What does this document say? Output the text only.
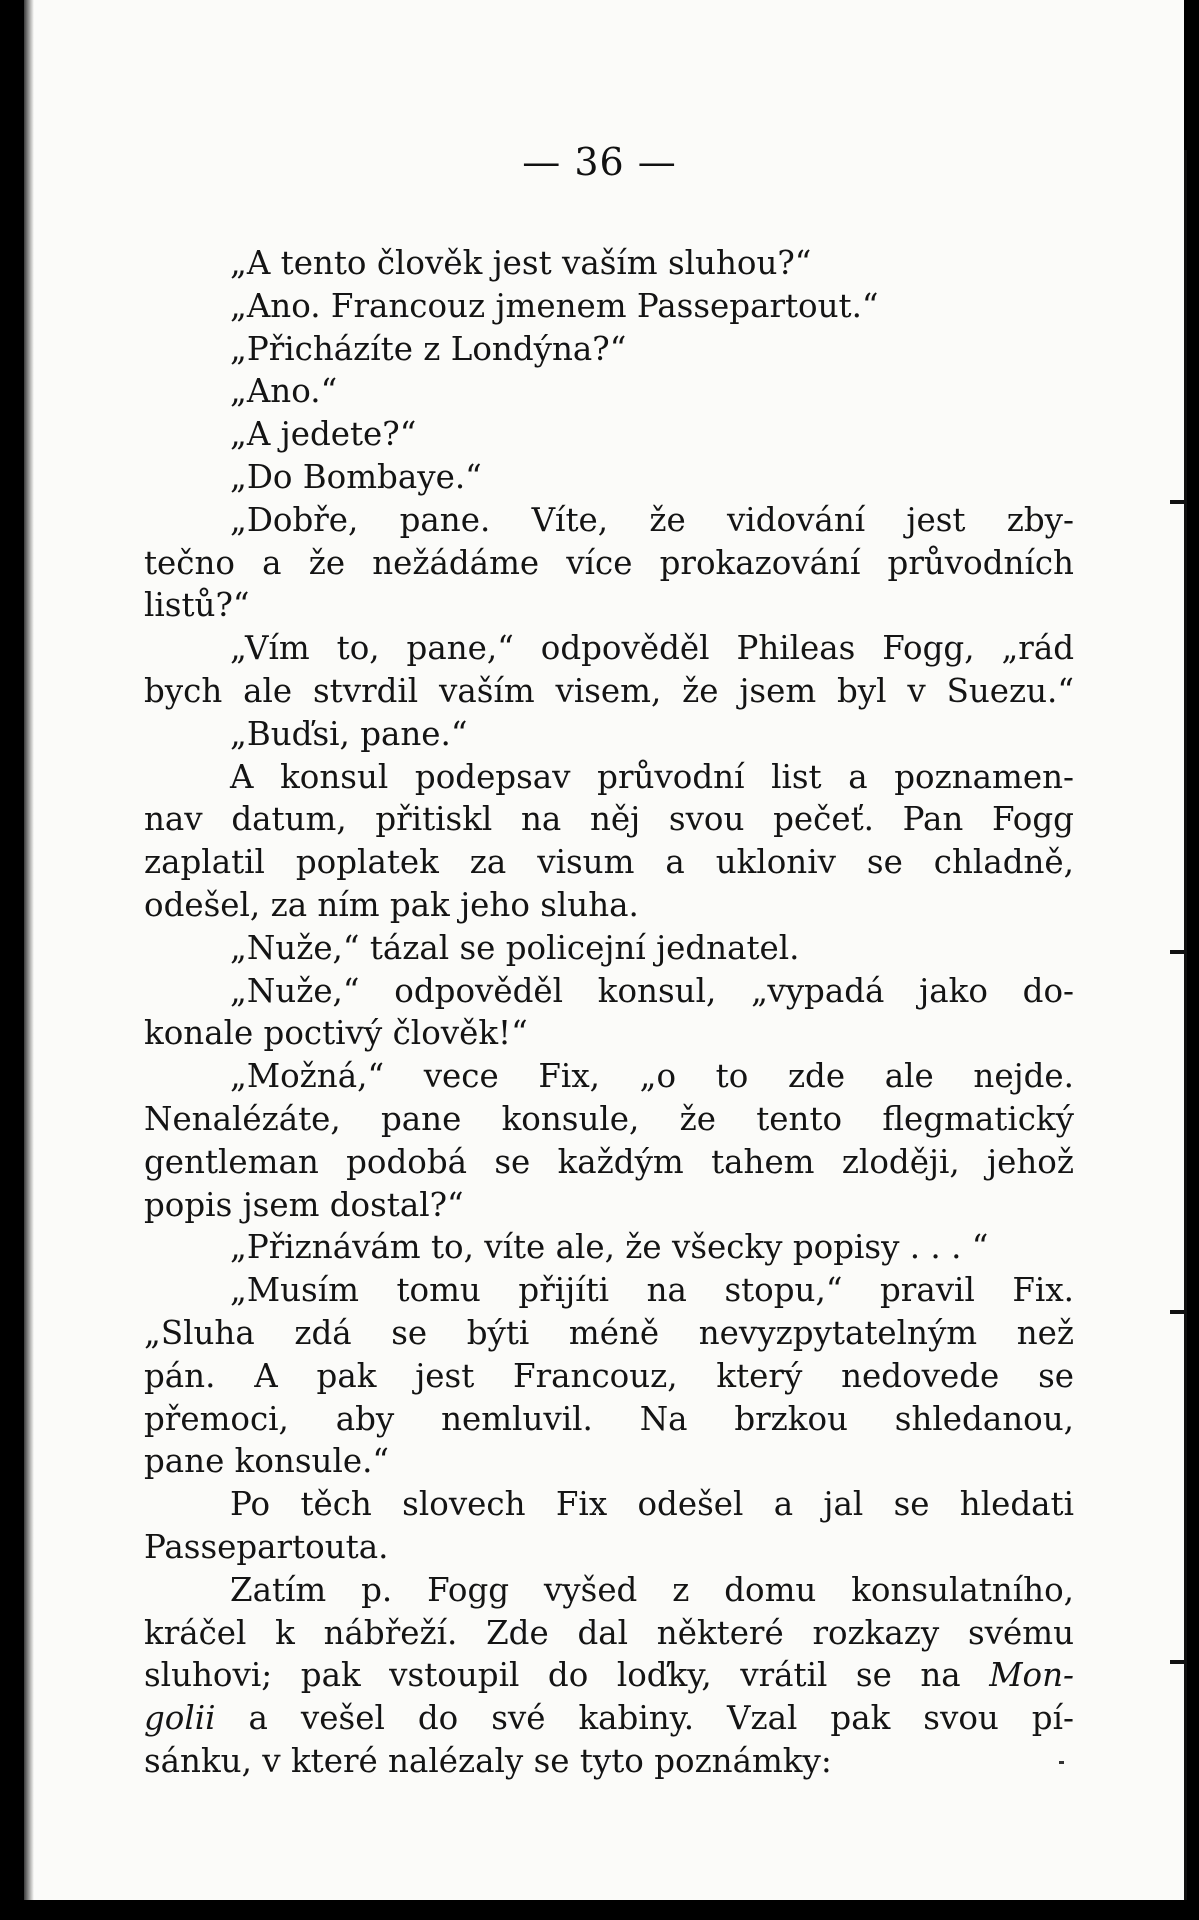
— 36 —
„A tento člověk jest vaším sluhou?“
„Ano. Francouz jmenem Passepartout.“
„Přicházíte z Londýna?“
„Ano.“
„A jedete?“
„Do Bombaye.“
„Dobře, pane. Víte, že vidování jest zby-
tečno a že nežádáme více prokazování průvodních
listů?“
„Vím to, pane,“ odpověděl Phileas Fogg, „rád
bych ale stvrdil vaším visem, že jsem byl v Suezu.“
„Buďsi, pane.“
A konsul podepsav průvodní list a poznamen-
nav datum, přitiskl na něj svou pečeť. Pan Fogg
zaplatil poplatek za visum a ukloniv se chladně,
odešel, za ním pak jeho sluha.
„Nuže,“ tázal se policejní jednatel.
„Nuže,“ odpověděl konsul, „vypadá jako do-
konale poctivý člověk!“
„Možná,“ vece Fix, „o to zde ale nejde.
Nenalézáte, pane konsule, že tento flegmatický
gentleman podobá se každým tahem zloději, jehož
popis jsem dostal?“
„Přiznávám to, víte ale, že všecky popisy . . . “
„Musím tomu přijíti na stopu,“ pravil Fix.
„Sluha zdá se býti méně nevyzpytatelným než
pán. A pak jest Francouz, který nedovede se
přemoci, aby nemluvil. Na brzkou shledanou,
pane konsule.“
Po těch slovech Fix odešel a jal se hledati
Passepartouta.
Zatím p. Fogg vyšed z domu konsulatního,
kráčel k nábřeží. Zde dal některé rozkazy svému
sluhovi; pak vstoupil do loďky, vrátil se na Mon-
golii a vešel do své kabiny. Vzal pak svou pí-
sánku, v které nalézaly se tyto poznámky:
